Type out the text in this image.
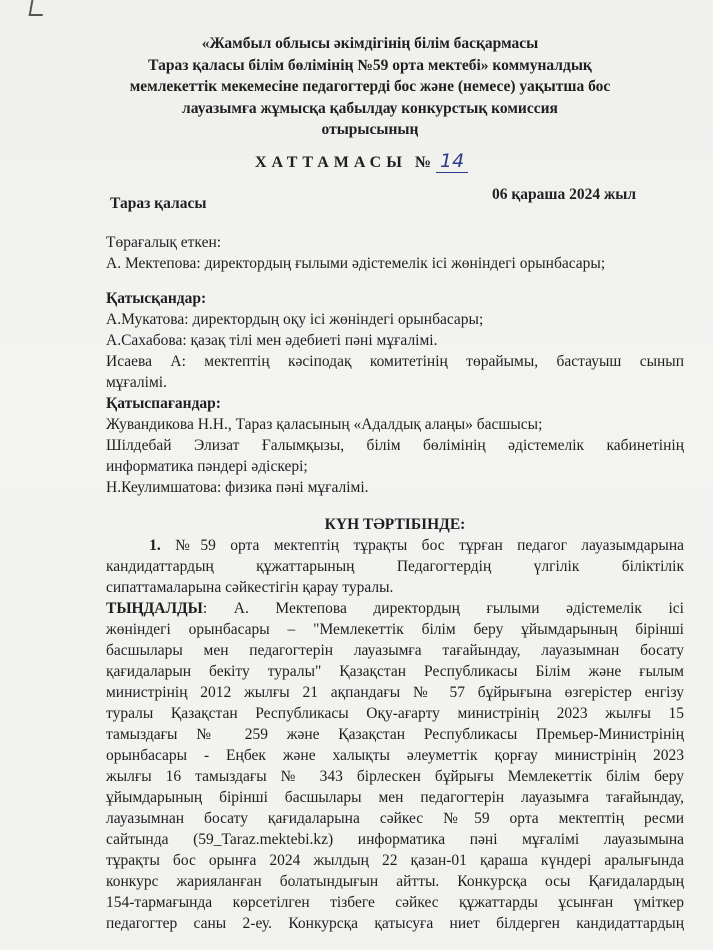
«Жамбыл облысы әкімдігінің білім басқармасы
Тараз қаласы білім бөлімінің №59 орта мектебі» коммуналдық
мемлекеттік мекемесіне педагогтерді бос және (немесе) уақытша бос
лауазымға жұмысқа қабылдау конкурстық комиссия
отырысының
ХАТТАМАСЫ № 14
06 қараша 2024 жыл
Тараз қаласы
Төрағалық еткен:
А. Мектепова: директордың ғылыми әдістемелік ісі жөніндегі орынбасары;
Қатысқандар:
А.Мукатова: директордың оқу ісі жөніндегі орынбасары;
А.Сахабова: қазақ тілі мен әдебиеті пәні мұғалімі.
Исаева А: мектептің кәсіподақ комитетінің төрайымы, бастауыш сынып
мұғалімі.
Қатыспағандар:
Жувандикова Н.Н., Тараз қаласының «Адалдық алаңы» басшысы;
Шілдебай Элизат Ғалымқызы, білім бөлімінің әдістемелік кабинетінің
информатика пәндері әдіскері;
Н.Кеулимшатова: физика пәні мұғалімі.
КҮН ТӘРТІБІНДЕ:
1. №59 орта мектептің тұрақты бос тұрған педагог лауазымдарына
кандидаттардың құжаттарының Педагогтердің үлгілік біліктілік
сипаттамаларына сәйкестігін қарау туралы.
ТЫҢДАЛДЫ: А. Мектепова директордың ғылыми әдістемелік ісі
жөніндегі орынбасары – "Мемлекеттік білім беру ұйымдарының бірінші
басшылары мен педагогтерін лауазымға тағайындау, лауазымнан босату
қағидаларын бекіту туралы" Қазақстан Республикасы Білім және ғылым
министрінің 2012 жылғы 21 ақпандағы № 57 бұйрығына өзгерістер енгізу
туралы Қазақстан Республикасы Оқу-ағарту министрінің 2023 жылғы 15
тамыздағы № 259 және Қазақстан Республикасы Премьер-Министрінің
орынбасары - Еңбек және халықты әлеуметтік қорғау министрінің 2023
жылғы 16 тамыздағы № 343 бірлескен бұйрығы Мемлекеттік білім беру
ұйымдарының бірінші басшылары мен педагогтерін лауазымға тағайындау,
лауазымнан босату қағидаларына сәйкес №59 орта мектептің ресми
сайтында (59_Taraz.mektebi.kz) информатика пәні мұғалімі лауазымына
тұрақты бос орынға 2024 жылдың 22 қазан-01 қараша күндері аралығында
конкурс жарияланған болатындығын айтты. Конкурсқа осы Қағидалардың
154-тармағында көрсетілген тізбеге сәйкес құжаттарды ұсынған үміткер
педагогтер саны 2-еу. Конкурсқа қатысуға ниет білдерген кандидаттардың
